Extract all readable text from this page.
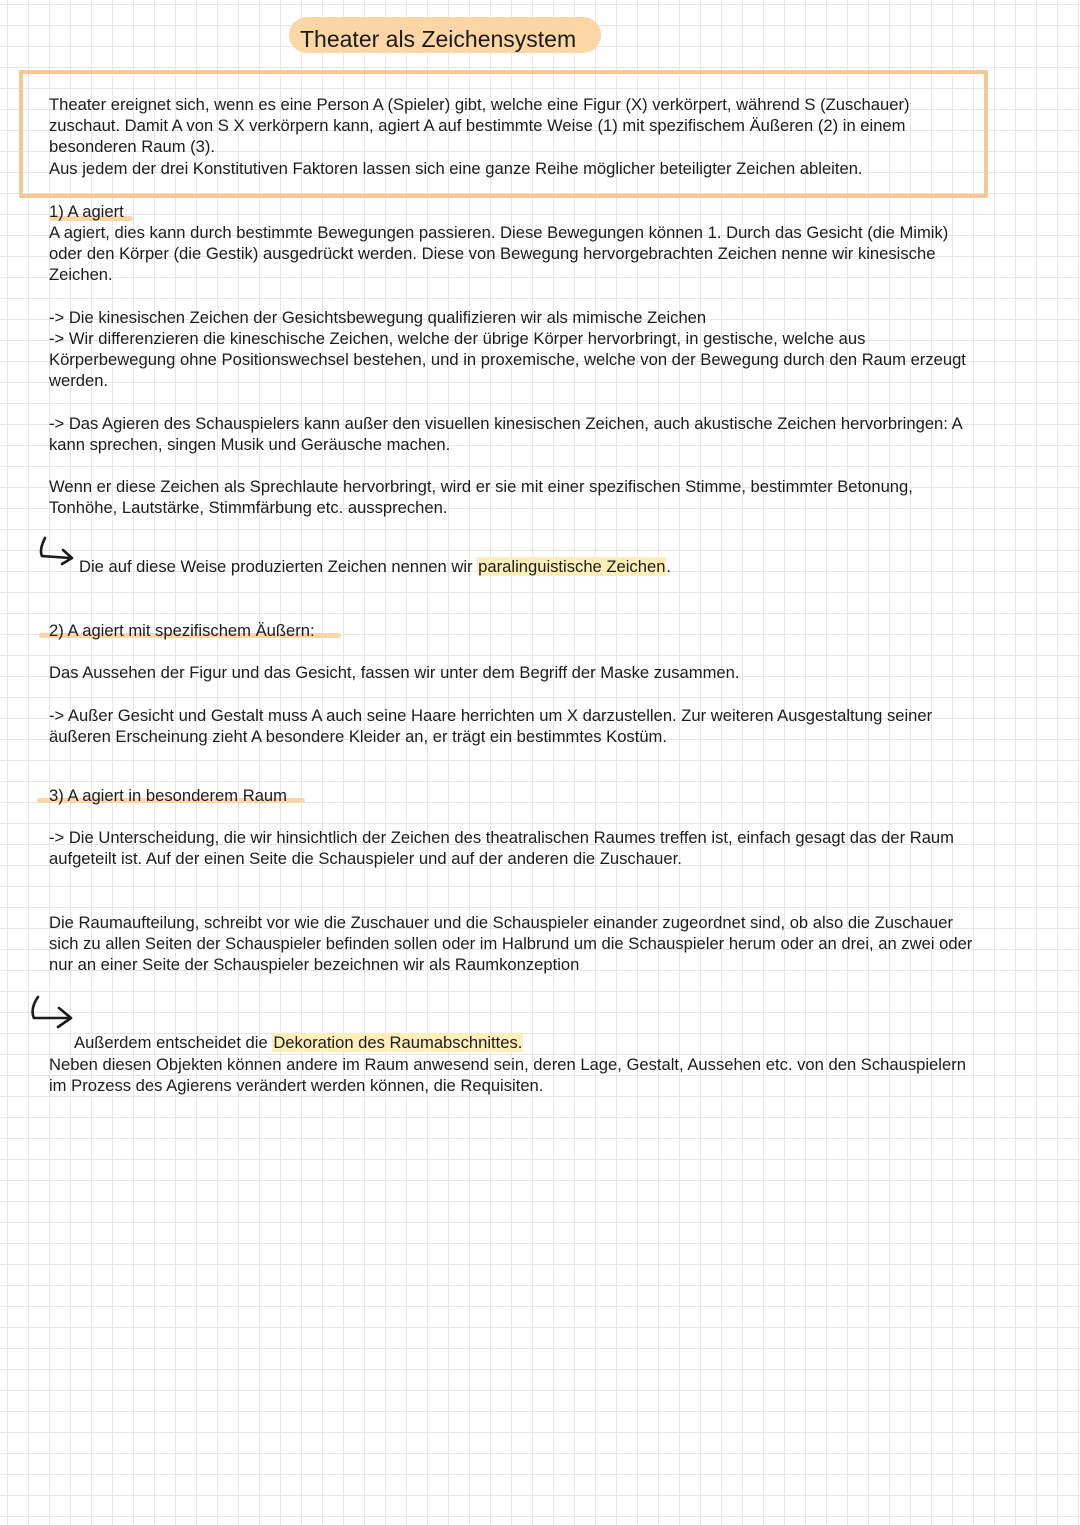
Theater als Zeichensystem

Theater ereignet sich, wenn es eine Person A (Spieler) gibt, welche eine Figur (X) verkörpert, während S (Zuschauer)

zuschaut. Damit A von S X verkörpern kann, agiert A auf bestimmte Weise (1) mit spezifischem Äußeren (2) in einem

besonderen Raum (3).

Aus jedem der drei Konstitutiven Faktoren lassen sich eine ganze Reihe möglicher beteiligter Zeichen ableiten.

1) A agiert

A agiert, dies kann durch bestimmte Bewegungen passieren. Diese Bewegungen können 1. Durch das Gesicht (die Mimik)

oder den Körper (die Gestik) ausgedrückt werden. Diese von Bewegung hervorgebrachten Zeichen nenne wir kinesische

Zeichen.

-> Die kinesischen Zeichen der Gesichtsbewegung qualifizieren wir als mimische Zeichen

-> Wir differenzieren die kineschische Zeichen, welche der übrige Körper hervorbringt, in gestische, welche aus

Körperbewegung ohne Positionswechsel bestehen, und in proxemische, welche von der Bewegung durch den Raum erzeugt

werden.

-> Das Agieren des Schauspielers kann außer den visuellen kinesischen Zeichen, auch akustische Zeichen hervorbringen: A

kann sprechen, singen Musik und Geräusche machen.

Wenn er diese Zeichen als Sprechlaute hervorbringt, wird er sie mit einer spezifischen Stimme, bestimmter Betonung,

Tonhöhe, Lautstärke, Stimmfärbung etc. aussprechen.

Die auf diese Weise produzierten Zeichen nennen wir paralinguistische Zeichen.

2) A agiert mit spezifischem Äußern:

Das Aussehen der Figur und das Gesicht, fassen wir unter dem Begriff der Maske zusammen.

-> Außer Gesicht und Gestalt muss A auch seine Haare herrichten um X darzustellen. Zur weiteren Ausgestaltung seiner

äußeren Erscheinung zieht A besondere Kleider an, er trägt ein bestimmtes Kostüm.

3) A agiert in besonderem Raum

-> Die Unterscheidung, die wir hinsichtlich der Zeichen des theatralischen Raumes treffen ist, einfach gesagt das der Raum

aufgeteilt ist. Auf der einen Seite die Schauspieler und auf der anderen die Zuschauer.

Die Raumaufteilung, schreibt vor wie die Zuschauer und die Schauspieler einander zugeordnet sind, ob also die Zuschauer

sich zu allen Seiten der Schauspieler befinden sollen oder im Halbrund um die Schauspieler herum oder an drei, an zwei oder

nur an einer Seite der Schauspieler bezeichnen wir als Raumkonzeption

Außerdem entscheidet die Dekoration des Raumabschnittes.

Neben diesen Objekten können andere im Raum anwesend sein, deren Lage, Gestalt, Aussehen etc. von den Schauspielern

im Prozess des Agierens verändert werden können, die Requisiten.
